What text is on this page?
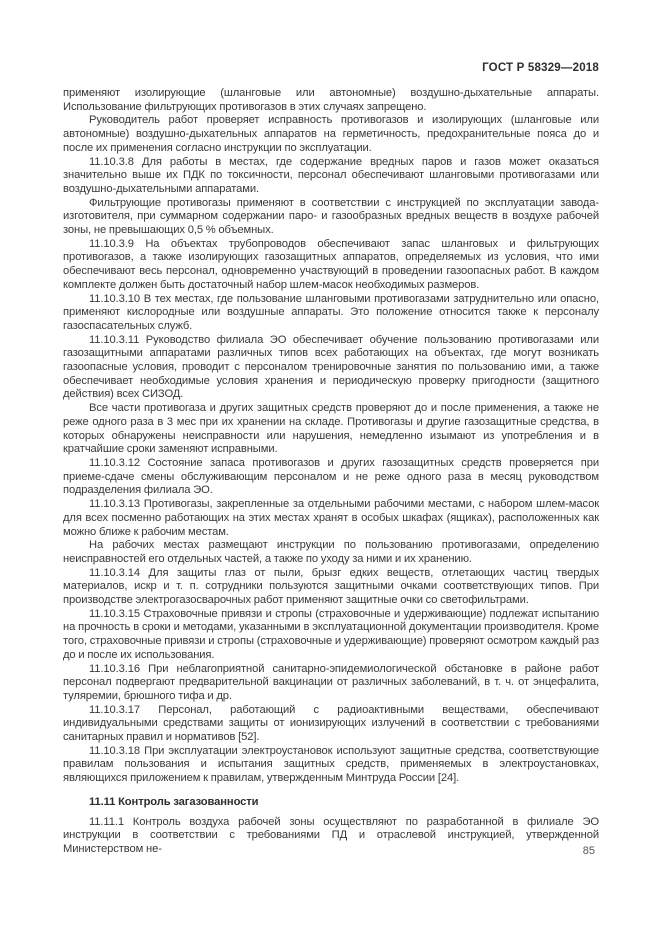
ГОСТ Р 58329—2018

применяют изолирующие (шланговые или автономные) воздушно-дыхательные аппараты. Использование фильтрующих противогазов в этих случаях запрещено.

Руководитель работ проверяет исправность противогазов и изолирующих (шланговые или автономные) воздушно-дыхательных аппаратов на герметичность, предохранительные пояса до и после их применения согласно инструкции по эксплуатации.

11.10.3.8 Для работы в местах, где содержание вредных паров и газов может оказаться значительно выше их ПДК по токсичности, персонал обеспечивают шланговыми противогазами или воздушно-дыхательными аппаратами.

Фильтрующие противогазы применяют в соответствии с инструкцией по эксплуатации завода-изготовителя, при суммарном содержании паро- и газообразных вредных веществ в воздухе рабочей зоны, не превышающих 0,5 % объемных.

11.10.3.9 На объектах трубопроводов обеспечивают запас шланговых и фильтрующих противогазов, а также изолирующих газозащитных аппаратов, определяемых из условия, что ими обеспечивают весь персонал, одновременно участвующий в проведении газоопасных работ. В каждом комплекте должен быть достаточный набор шлем-масок необходимых размеров.

11.10.3.10 В тех местах, где пользование шланговыми противогазами затруднительно или опасно, применяют кислородные или воздушные аппараты. Это положение относится также к персоналу газоспасательных служб.

11.10.3.11 Руководство филиала ЭО обеспечивает обучение пользованию противогазами или газозащитными аппаратами различных типов всех работающих на объектах, где могут возникать газоопасные условия, проводит с персоналом тренировочные занятия по пользованию ими, а также обеспечивает необходимые условия хранения и периодическую проверку пригодности (защитного действия) всех СИЗОД.

Все части противогаза и других защитных средств проверяют до и после применения, а также не реже одного раза в 3 мес при их хранении на складе. Противогазы и другие газозащитные средства, в которых обнаружены неисправности или нарушения, немедленно изымают из употребления и в кратчайшие сроки заменяют исправными.

11.10.3.12 Состояние запаса противогазов и других газозащитных средств проверяется при приеме-сдаче смены обслуживающим персоналом и не реже одного раза в месяц руководством подразделения филиала ЭО.

11.10.3.13 Противогазы, закрепленные за отдельными рабочими местами, с набором шлем-масок для всех посменно работающих на этих местах хранят в особых шкафах (ящиках), расположенных как можно ближе к рабочим местам.

На рабочих местах размещают инструкции по пользованию противогазами, определению неисправностей его отдельных частей, а также по уходу за ними и их хранению.

11.10.3.14 Для защиты глаз от пыли, брызг едких веществ, отлетающих частиц твердых материалов, искр и т. п. сотрудники пользуются защитными очками соответствующих типов. При производстве электрогазосварочных работ применяют защитные очки со светофильтрами.

11.10.3.15 Страховочные привязи и стропы (страховочные и удерживающие) подлежат испытанию на прочность в сроки и методами, указанными в эксплуатационной документации производителя. Кроме того, страховочные привязи и стропы (страховочные и удерживающие) проверяют осмотром каждый раз до и после их использования.

11.10.3.16 При неблагоприятной санитарно-эпидемиологической обстановке в районе работ персонал подвергают предварительной вакцинации от различных заболеваний, в т. ч. от энцефалита, туляремии, брюшного тифа и др.

11.10.3.17 Персонал, работающий с радиоактивными веществами, обеспечивают индивидуальными средствами защиты от ионизирующих излучений в соответствии с требованиями санитарных правил и нормативов [52].

11.10.3.18 При эксплуатации электроустановок используют защитные средства, соответствующие правилам пользования и испытания защитных средств, применяемых в электроустановках, являющихся приложением к правилам, утвержденным Минтруда России [24].

11.11 Контроль загазованности

11.11.1 Контроль воздуха рабочей зоны осуществляют по разработанной в филиале ЭО инструкции в соответствии с требованиями ПД и отраслевой инструкцией, утвержденной Министерством не-	85
